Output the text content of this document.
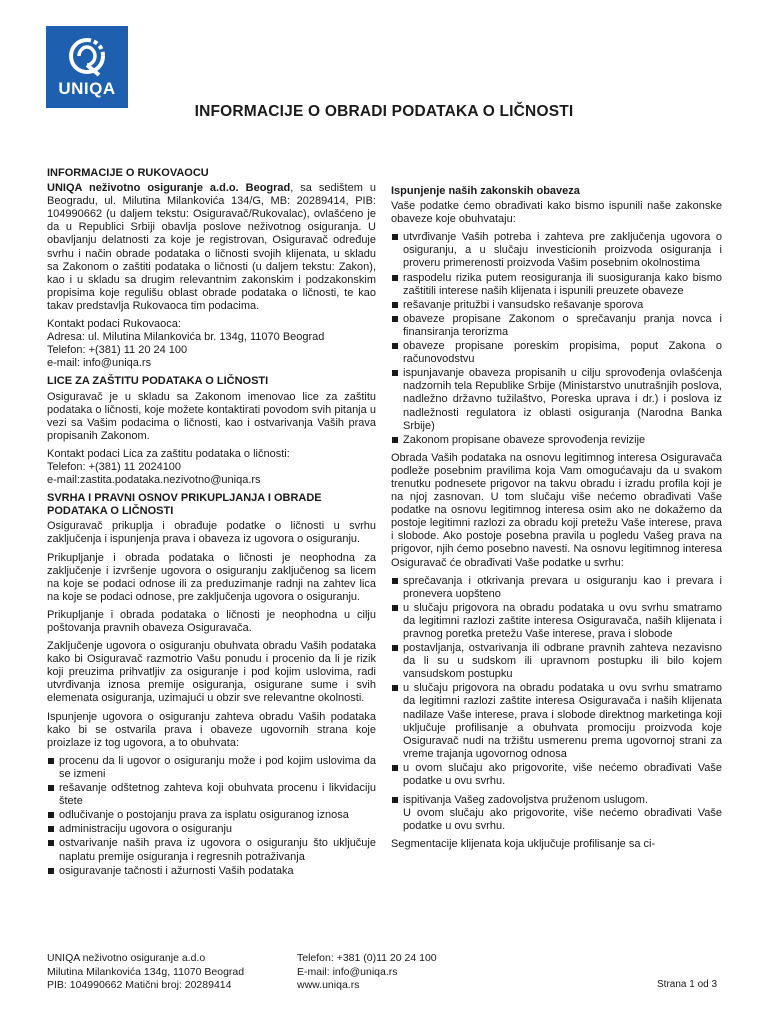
UNIQA
INFORMACIJE O OBRADI PODATAKA O LIČNOSTI
INFORMACIJE O RUKOVAOCU

UNIQA neživotno osiguranje a.d.o. Beograd, sa sedištem u Beogradu, ul. Milutina Milankovića 134/G, MB: 20289414, PIB: 104990662 (u daljem tekstu: Osiguravač/Rukovalac), ovlašćeno je da u Republici Srbiji obavlja poslove neživotnog osiguranja. U obavljanju delatnosti za koje je registrovan, Osiguravač određuje svrhu i način obrade podataka o ličnosti svojih klijenata, u skladu sa Zakonom o zaštiti podataka o ličnosti (u daljem tekstu: Zakon), kao i u skladu sa drugim relevantnim zakonskim i podzakonskim propisima koje regulišu oblast obrade podataka o ličnosti, te kao takav predstavlja Rukovaoca tim podacima.

Kontakt podaci Rukovaoca:
Adresa: ul. Milutina Milankovića br. 134g, 11070 Beograd
Telefon: +(381) 11 20 24 100
e-mail: info@uniqa.rs

LICE ZA ZAŠTITU PODATAKA O LIČNOSTI

Osiguravač je u skladu sa Zakonom imenovao lice za zaštitu podataka o ličnosti, koje možete kontaktirati povodom svih pitanja u vezi sa Vašim podacima o ličnosti, kao i ostvarivanja Vaših prava propisanih Zakonom.

Kontakt podaci Lica za zaštitu podataka o ličnosti:
Telefon: +(381) 11 2024100
e-mail:zastita.podataka.nezivotno@uniqa.rs

SVRHA I PRAVNI OSNOV PRIKUPLJANJA I OBRADE PODATAKA O LIČNOSTI

Osiguravač prikuplja i obrađuje podatke o ličnosti u svrhu zaključenja i ispunjenja prava i obaveza iz ugovora o osiguranju.

Prikupljanje i obrada podataka o ličnosti je neophodna za zaključenje i izvršenje ugovora o osiguranju zaključenog sa licem na koje se podaci odnose ili za preduzimanje radnji na zahtev lica na koje se podaci odnose, pre zaključenja ugovora o osiguranju.

Prikupljanje i obrada podataka o ličnosti je neophodna u cilju poštovanja pravnih obaveza Osiguravača.

Zaključenje ugovora o osiguranju obuhvata obradu Vaših podataka kako bi Osiguravač razmotrio Vašu ponudu i procenio da li je rizik koji preuzima prihvatljiv za osiguranje i pod kojim uslovima, radi utvrđivanja iznosa premije osiguranja, osigurane sume i svih elemenata osiguranja, uzimajući u obzir sve relevantne okolnosti.

Ispunjenje ugovora o osiguranju zahteva obradu Vaših podataka kako bi se ostvarila prava i obaveze ugovornih strana koje proizlaze iz tog ugovora, a to obuhvata:

procenu da li ugovor o osiguranju može i pod kojim uslovima da se izmeni
rešavanje odštetnog zahteva koji obuhvata procenu i likvidaciju štete
odlučivanje o postojanju prava za isplatu osiguranog iznosa
administraciju ugovora o osiguranju
ostvarivanje naših prava iz ugovora o osiguranju što uključuje naplatu premije osiguranja i regresnih potraživanja
osiguravanje tačnosti i ažurnosti Vaših podataka
Ispunjenje naših zakonskih obaveza

Vaše podatke ćemo obrađivati kako bismo ispunili naše zakonske obaveze koje obuhvataju:

utvrđivanje Vaših potreba i zahteva pre zaključenja ugovora o osiguranju, a u slučaju investicionih proizvoda osiguranja i proveru primerenosti proizvoda Vašim posebnim okolnostima
raspodelu rizika putem reosiguranja ili suosiguranja kako bismo zaštitili interese naših klijenata i ispunili preuzete obaveze
rešavanje pritužbi i vansudsko rešavanje sporova
obaveze propisane Zakonom o sprečavanju pranja novca i finansiranja terorizma
obaveze propisane poreskim propisima, poput Zakona o računovodstvu
ispunjavanje obaveza propisanih u cilju sprovođenja ovlašćenja nadzornih tela Republike Srbije (Ministarstvo unutrašnjih poslova, nadležno državno tužilaštvo, Poreska uprava i dr.) i poslova iz nadležnosti regulatora iz oblasti osiguranja (Narodna Banka Srbije)
Zakonom propisane obaveze sprovođenja revizije

Obrada Vaših podataka na osnovu legitimnog interesa Osiguravača podleže posebnim pravilima koja Vam omogućavaju da u svakom trenutku podnesete prigovor na takvu obradu i izradu profila koji je na njoj zasnovan. U tom slučaju više nećemo obrađivati Vaše podatke na osnovu legitimnog interesa osim ako ne dokažemo da postoje legitimni razlozi za obradu koji pretežu Vaše interese, prava i slobode. Ako postoje posebna pravila u pogledu Vašeg prava na prigovor, njih ćemo posebno navesti. Na osnovu legitimnog interesa Osiguravač će obrađivati Vaše podatke u svrhu:

sprečavanja i otkrivanja prevara u osiguranju kao i prevara i pronevera uopšteno
u slučaju prigovora na obradu podataka u ovu svrhu smatramo da legitimni razlozi zaštite interesa Osiguravača, naših klijenata i pravnog poretka pretežu Vaše interese, prava i slobode
postavljanja, ostvarivanja ili odbrane pravnih zahteva nezavisno da li su u sudskom ili upravnom postupku ili bilo kojem vansudskom postupku
u slučaju prigovora na obradu podataka u ovu svrhu smatramo da legitimni razlozi zaštite interesa Osiguravača i naših klijenata nadilaze Vaše interese, prava i slobode direktnog marketinga koji uključuje profilisanje a obuhvata promociju proizvoda koje Osiguravač nudi na tržištu usmerenu prema ugovornoj strani za vreme trajanja ugovornog odnosa
u ovom slučaju ako prigovorite, više nećemo obrađivati Vaše podatke u ovu svrhu.
ispitivanja Vašeg zadovoljstva pruženom uslugom.
U ovom slučaju ako prigovorite, više nećemo obrađivati Vaše podatke u ovu svrhu.

Segmentacije klijenata koja uključuje profilisanje sa ci-

UNIQA neživotno osiguranje a.d.o
Milutina Milankovića 134g, 11070 Beograd
PIB: 104990662 Matični broj: 20289414
Telefon: +381 (0)11 20 24 100
E-mail: info@uniqa.rs
www.uniqa.rs	Strana 1 od 3
